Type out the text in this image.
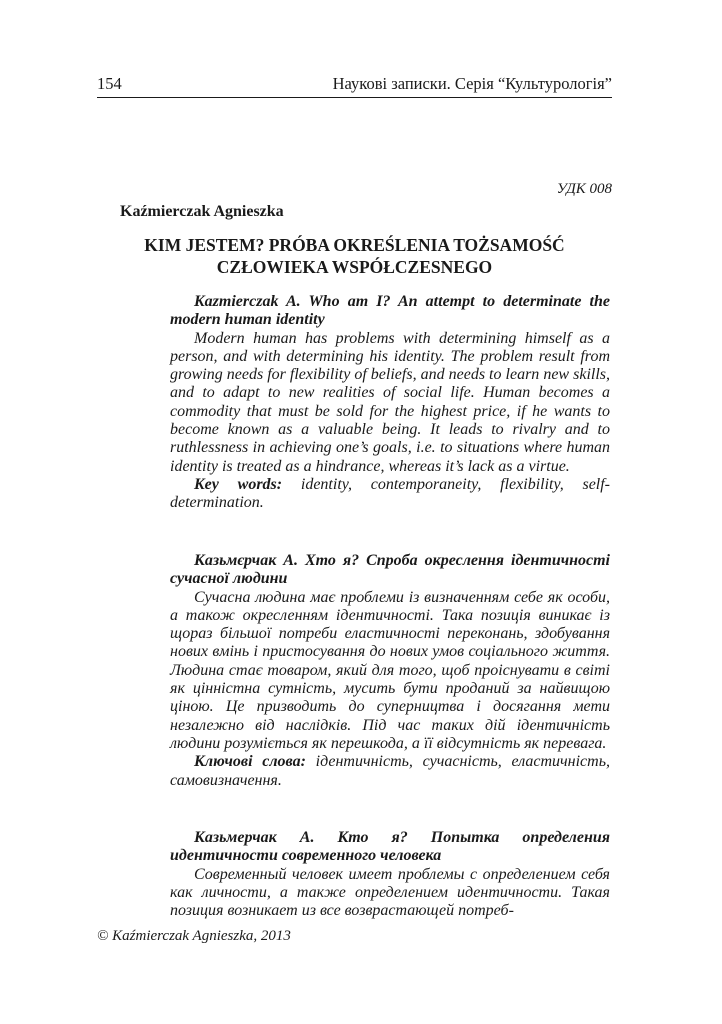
154	Наукові записки. Серія “Культурологія”
УДК 008
Kaźmierczak Agnieszka
KIM JESTEM? PRÓBA OKREŚLENIA TOŻSAMOŚĆ
CZŁOWIEKA WSPÓŁCZESNEGO

Kazmierczak A. Who am I? An attempt to determinate the modern human identity

Modern human has problems with determining himself as a person, and with determining his identity. The problem result from growing needs for flexibility of beliefs, and needs to learn new skills, and to adapt to new realities of social life. Human becomes a commodity that must be sold for the highest price, if he wants to become known as a valuable being. It leads to rivalry and to ruthlessness in achieving one’s goals, i.e. to situations where human identity is treated as a hindrance, whereas it’s lack as a virtue.

Key words: identity, contemporaneity, flexibility, self-determination.

Казьмєрчак А. Хто я? Спроба окреслення ідентичності сучасної людини

Сучасна людина має проблеми із визначенням себе як особи, а також окресленням ідентичності. Така позиція виникає із щораз більшої потреби еластичності переконань, здобування нових вмінь і пристосування до нових умов соціального життя. Людина стає товаром, який для того, щоб проіснувати в світі як цінністна сутність, мусить бути проданий за найвищою ціною. Це призводить до суперництва і досягання мети незалежно від наслідків. Під час таких дій ідентичність людини розуміється як перешкода, а її відсутність як перевага.

Ключові слова: ідентичність, сучасність, еластичність, самовизначення.

Казьмерчак А. Кто я? Попытка определения идентичности современного человека

Современный человек имеет проблемы с определением себя как личности, а также определением идентичности. Такая позиция возникает из все возврастающей потреб-

© Kaźmierczak Agnieszka, 2013
